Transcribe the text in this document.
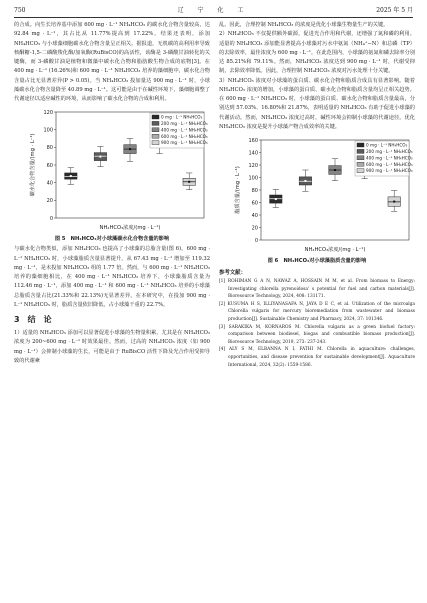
750	辽 宁 化 工	2025 年 5 月

的合成。向生长培养基中添加 600 mg · L⁻¹ NH₄HCO₃ 的碳水化合物含量较高，达 92.84 mg · L⁻¹，其占比从 11.77%提高到 17.22%。结果还表明，添加 NH₄HCO₃ 与小球藻细胞碳水化合物含量呈正相关。据报道，无机碳的高利用率导致核酮糖-1,5-二磷酸羧化酶/加氧酶(RuBisCO)的高活性，该酶是 3-磷酸甘油转化的关键酶，而 3-磷酸甘油是植物和微藻中碳水化合物和脂肪酸生物合成的底物[3]。在 400 mg · L⁻¹ (16.26%)和 600 mg · L⁻¹ NH₄HCO₃ 培养的藻细胞中，碳水化合物含量占比无显著差异(P > 0.05)。当 NH₄HCO₃ 投加量达 900 mg · L⁻¹ 时，小球藻碳水化合物含量降至 40.89 mg · L⁻¹。这可能是由于在碱性环境下，藻细胞调整了代谢途径以适应碱性的环境，从而影响了碳水化合物的合成和利用。

0
20
40
60
80
100
120
碳水化合物含量/(mg · L⁻¹)
NH₄HCO₃浓度/(mg · L⁻¹)
0 mg · L⁻¹ NH₄HCO₃
200 mg · L⁻¹ NH₄HCO₃
400 mg · L⁻¹ NH₄HCO₃
600 mg · L⁻¹ NH₄HCO₃
900 mg · L⁻¹ NH₄HCO₃
图 5　NH₄HCO₃对小球藻碳水化合物含量的影响

与碳水化合物类似，添加 NH₄HCO₃ 也提高了小球藻的总脂含量(图 6)。600 mg · L⁻¹ NH₄HCO₃ 时，小球藻脂质含量显著提升，从 67.43 mg · L⁻¹ 增加至 119.32 mg · L⁻¹，是未投加 NH₄HCO₃ 组的 1.77 倍。然而，与 600 mg · L⁻¹ NH₄HCO₃ 培养的藻细胞相比，在 400 mg · L⁻¹ NH₄HCO₃ 培养下，小球藻脂质含量为 112.46 mg · L⁻¹，添加 400 mg · L⁻¹ 和 600 mg · L⁻¹ NH₄HCO₃ 培养的小球藻总脂质含量占比(21.33%和 22.13%)无显著差异。在本研究中，在投加 900 mg · L⁻¹ NH₄HCO₃ 时，脂质含量依旧降低，占小球藻干重的 22.7%。

3　结　论

1）适量的 NH₄HCO₃ 添加可以显著促进小球藻的生物量积累，尤其是在 NH₄HCO₃ 浓度为 200~600 mg · L⁻¹ 时效果最佳。然而，过高的 NH₄HCO₃ 浓度（如 900 mg · L⁻¹）会抑制小球藻的生长，可能是由于 RuBisCO 活性下降及光合作用受抑导致的代谢紊

乱。因此，合理控制 NH₄HCO₃ 的浓度是优化小球藻生物量生产的关键。

2）NH₄HCO₃ 不仅提供额外碳源，促进光合作用和代谢，还增强了氮和磷的利用。适量的 NH₄HCO₃ 添加能显著提高小球藻对污水中氨氮（NH₄⁺−N）和总磷（TP）的去除效率，最佳浓度为 600 mg · L⁻¹。在此范围内，小球藻的氨氮和磷去除率分别达 85.21%和 79.11%。然而，NH₄HCO₃ 浓度达到 900 mg · L⁻¹ 时，代谢受抑制，去除效率降低。因此，合理控制 NH₄HCO₃ 浓度对污水处理十分关键。

3）NH₄HCO₃ 浓度对小球藻的蛋白质、碳水化合物和脂质合成具有显著影响。随着 NH₄HCO₃ 浓度的增加，小球藻的蛋白质、碳水化合物和脂质含量均呈正相关趋势。在 600 mg · L⁻¹ NH₄HCO₃ 时，小球藻的蛋白质、碳水化合物和脂质含量最高，分别达到 57.03%、16.80%和 21.87%，表明适量的 NH₄HCO₃ 有助于促进小球藻的代谢活动。然而，NH₄HCO₃ 浓度过高时，碱性环境会抑制小球藻的代谢途径。优化 NH₄HCO₃ 浓度是提升小球藻产物合成效率的关键。

0
20
40
60
80
100
120
140
160
脂质含量/(mg · L⁻¹)
NH₄HCO₃浓度/(mg · L⁻¹)
0 mg · L⁻¹ NH₄HCO₃
200 mg · L⁻¹ NH₄HCO₃
400 mg · L⁻¹ NH₄HCO₃
600 mg · L⁻¹ NH₄HCO₃
900 mg · L⁻¹ NH₄HCO₃
图 6　NH₄HCO₃对小球藻脂质含量的影响
参考文献：
[1] ROHIMAN G A N, NAWAZ A, HOSSAIN M M, et al. From biomass to Energy: Investigating chlorella pyrenoidosa' s potential for fuel and carbon materials[J]. Bioresource Technology, 2024, 408: 131171.
[2] KUSUMA H S, ILLIYANASAFA N, JAYA D E C, et al. Utilization of the microalga Chlorella vulgaris for mercury bioremediation from wastewater and biomass production[J]. Sustainable Chemistry and Pharmacy, 2024, 37: 101346.
[3] SARAKIKA M, KORNAROS M. Chlorella vulgaris as a green biofuel factory: comparison between biodiesel, biogas and combustible biomass production[J]. Bioresource Technology, 2019, 273: 237-243.
[4] ALY S M, ELBANNA N I, FATHI M. Chlorella in aquaculture: challenges, opportunities, and disease prevention for sustainable development[J]. Aquaculture International, 2024, 32(2): 1559-1586.
